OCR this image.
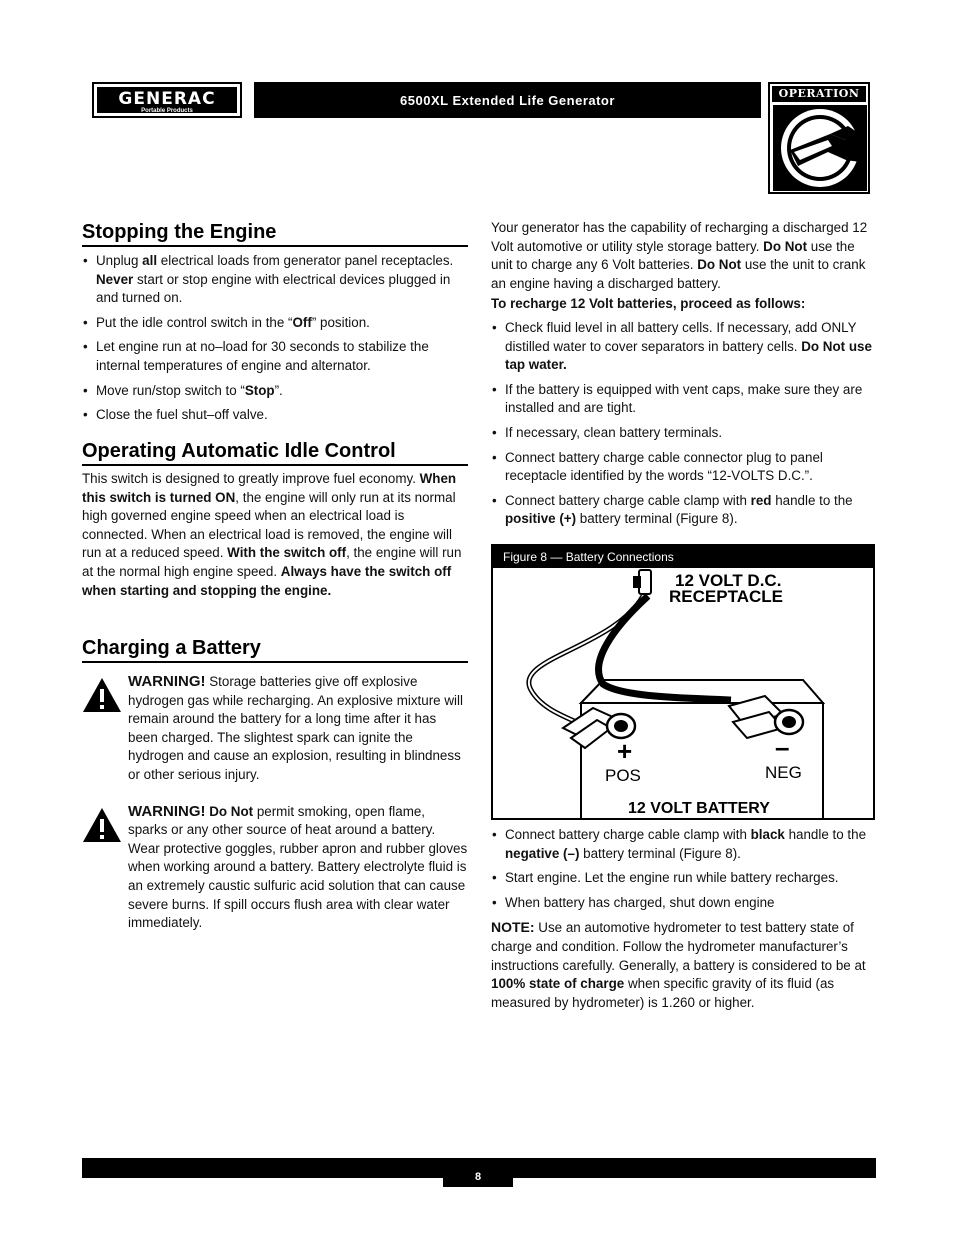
GENERAC
Portable Products
6500XL Extended Life Generator	OPERATION
Stopping the Engine
• Unplug all electrical loads from generator panel receptacles. Never start or stop engine with electrical devices plugged in and turned on.
• Put the idle control switch in the “Off” position.
• Let engine run at no–load for 30 seconds to stabilize the internal temperatures of engine and alternator.
• Move run/stop switch to “Stop”.
• Close the fuel shut–off valve.
Operating Automatic Idle Control

This switch is designed to greatly improve fuel economy. When this switch is turned ON, the engine will only run at its normal high governed engine speed when an electrical load is connected. When an electrical load is removed, the engine will run at a reduced speed. With the switch off, the engine will run at the normal high engine speed. Always have the switch off when starting and stopping the engine.

Charging a Battery

WARNING! Storage batteries give off explosive hydrogen gas while recharging. An explosive mixture will remain around the battery for a long time after it has been charged. The slightest spark can ignite the hydrogen and cause an explosion, resulting in blindness or other serious injury.

WARNING! Do Not permit smoking, open flame, sparks or any other source of heat around a battery. Wear protective goggles, rubber apron and rubber gloves when working around a battery. Battery electrolyte fluid is an extremely caustic sulfuric acid solution that can cause severe burns. If spill occurs flush area with clear water immediately.

Your generator has the capability of recharging a discharged 12 Volt automotive or utility style storage battery. Do Not use the unit to charge any 6 Volt batteries. Do Not use the unit to crank an engine having a discharged battery.

To recharge 12 Volt batteries, proceed as follows:

• Check fluid level in all battery cells. If necessary, add ONLY distilled water to cover separators in battery cells. Do Not use tap water.
• If the battery is equipped with vent caps, make sure they are installed and are tight.
• If necessary, clean battery terminals.
• Connect battery charge cable connector plug to panel receptacle identified by the words “12-VOLTS D.C.”.
• Connect battery charge cable clamp with red handle to the positive (+) battery terminal (Figure 8).
• Connect battery charge cable clamp with black handle to the negative (–) battery terminal (Figure 8).
• Start engine. Let the engine run while battery recharges.
• When battery has charged, shut down engine

NOTE: Use an automotive hydrometer to test battery state of charge and condition. Follow the hydrometer manufacturer’s instructions carefully. Generally, a battery is considered to be at 100% state of charge when specific gravity of its fluid (as measured by hydrometer) is 1.260 or higher.

Figure 8 — Battery Connections
12 VOLT D.C.
RECEPTACLE
+	–
POS	NEG
12 VOLT BATTERY
8
